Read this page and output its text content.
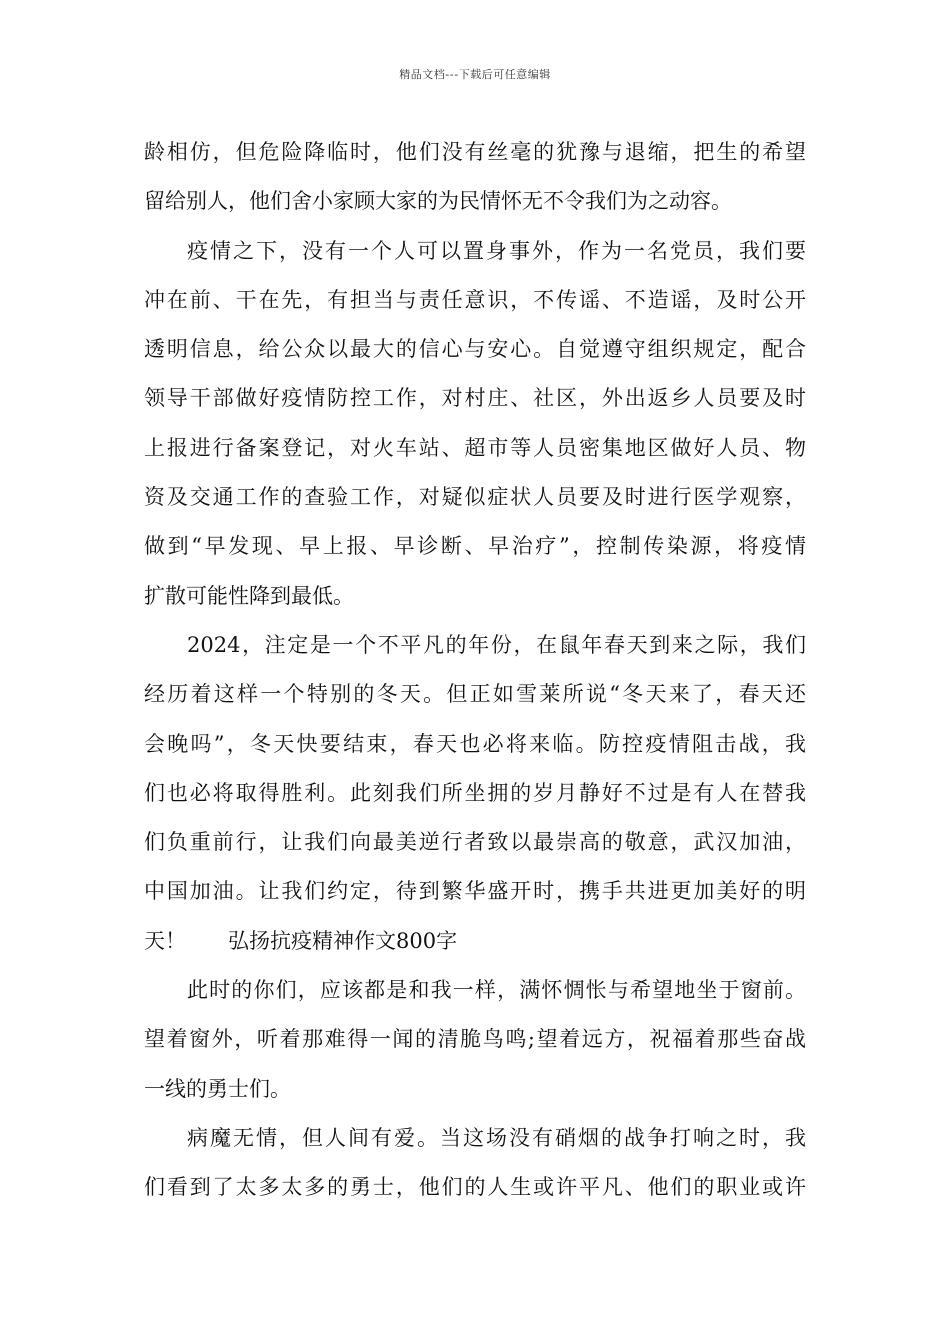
精品文档---下载后可任意编辑
龄相仿，但危险降临时，他们没有丝毫的犹豫与退缩，把生的希望
留给别人，他们舍小家顾大家的为民情怀无不令我们为之动容。
疫情之下，没有一个人可以置身事外，作为一名党员，我们要
冲在前、干在先，有担当与责任意识，不传谣、不造谣，及时公开
透明信息，给公众以最大的信心与安心。自觉遵守组织规定，配合
领导干部做好疫情防控工作，对村庄、社区，外出返乡人员要及时
上报进行备案登记，对火车站、超市等人员密集地区做好人员、物
资及交通工作的查验工作，对疑似症状人员要及时进行医学观察，
做到“早发现、早上报、早诊断、早治疗”，控制传染源，将疫情
扩散可能性降到最低。
2024，注定是一个不平凡的年份，在鼠年春天到来之际，我们
经历着这样一个特别的冬天。但正如雪莱所说“冬天来了，春天还
会晚吗”，冬天快要结束，春天也必将来临。防控疫情阻击战，我
们也必将取得胜利。此刻我们所坐拥的岁月静好不过是有人在替我
们负重前行，让我们向最美逆行者致以最崇高的敬意，武汉加油，
中国加油。让我们约定，待到繁华盛开时，携手共进更加美好的明
天！ 弘扬抗疫精神作文800字
此时的你们，应该都是和我一样，满怀惆怅与希望地坐于窗前。
望着窗外，听着那难得一闻的清脆鸟鸣;望着远方，祝福着那些奋战
一线的勇士们。
病魔无情，但人间有爱。当这场没有硝烟的战争打响之时，我
们看到了太多太多的勇士，他们的人生或许平凡、他们的职业或许
